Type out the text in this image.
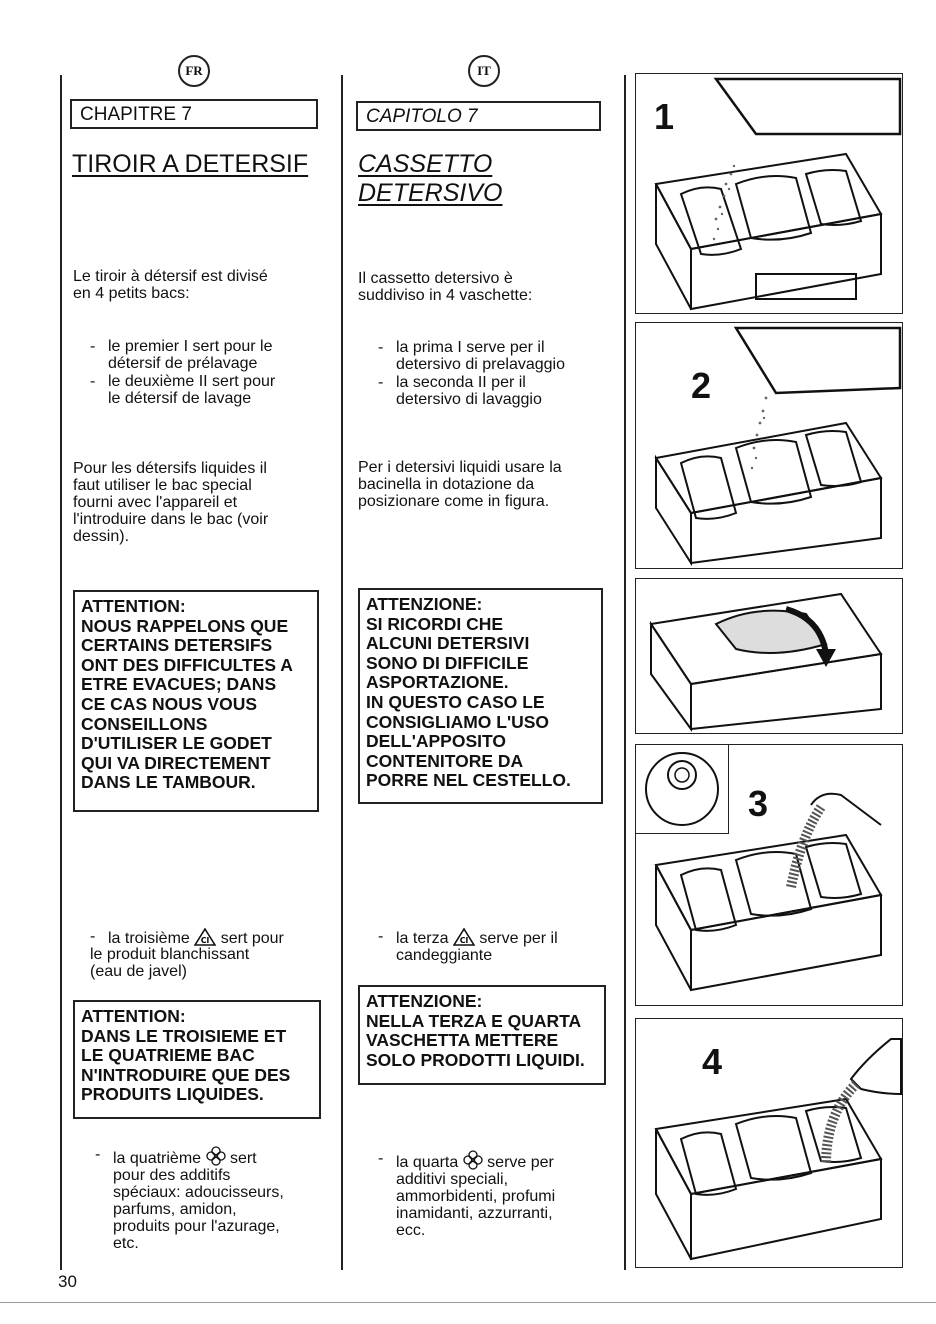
FR
CHAPITRE 7
TIROIR A DETERSIF
Le tiroir à détersif est divisé
en 4 petits bacs:
- le premier I sert pour le
détersif de prélavage
- le deuxième II sert pour
le détersif de lavage
Pour les détersifs liquides il
faut utiliser le bac special
fourni avec l'appareil et
l'introduire dans le bac (voir
dessin).
ATTENTION:
NOUS RAPPELONS QUE
CERTAINS DETERSIFS
ONT DES DIFFICULTES A
ETRE EVACUES; DANS
CE CAS NOUS VOUS
CONSEILLONS
D'UTILISER LE GODET
QUI VA DIRECTEMENT
DANS LE TAMBOUR.
- la troisième Cl sert pour
le produit blanchissant
(eau de javel)
ATTENTION:
DANS LE TROISIEME ET
LE QUATRIEME BAC
N'INTRODUIRE QUE DES
PRODUITS LIQUIDES.
- la quatrième sert
pour des additifs
spéciaux: adoucisseurs,
parfums, amidon,
produits pour l'azurage,
etc.
IT
CAPITOLO 7
CASSETTO
DETERSIVO
Il cassetto detersivo è
suddiviso in 4 vaschette:
- la prima I serve per il
detersivo di prelavaggio
- la seconda II per il
detersivo di lavaggio
Per i detersivi liquidi usare la
bacinella in dotazione da
posizionare come in figura.
ATTENZIONE:
SI RICORDI CHE
ALCUNI DETERSIVI
SONO DI DIFFICILE
ASPORTAZIONE.
IN QUESTO CASO LE
CONSIGLIAMO L'USO
DELL'APPOSITO
CONTENITORE DA
PORRE NEL CESTELLO.
- la terza Cl serve per il
candeggiante
ATTENZIONE:
NELLA TERZA E QUARTA
VASCHETTA METTERE
SOLO PRODOTTI LIQUIDI.
- la quarta serve per
additivi speciali,
ammorbidenti, profumi
inamidanti, azzurranti,
ecc.
1
2
3
4
30
